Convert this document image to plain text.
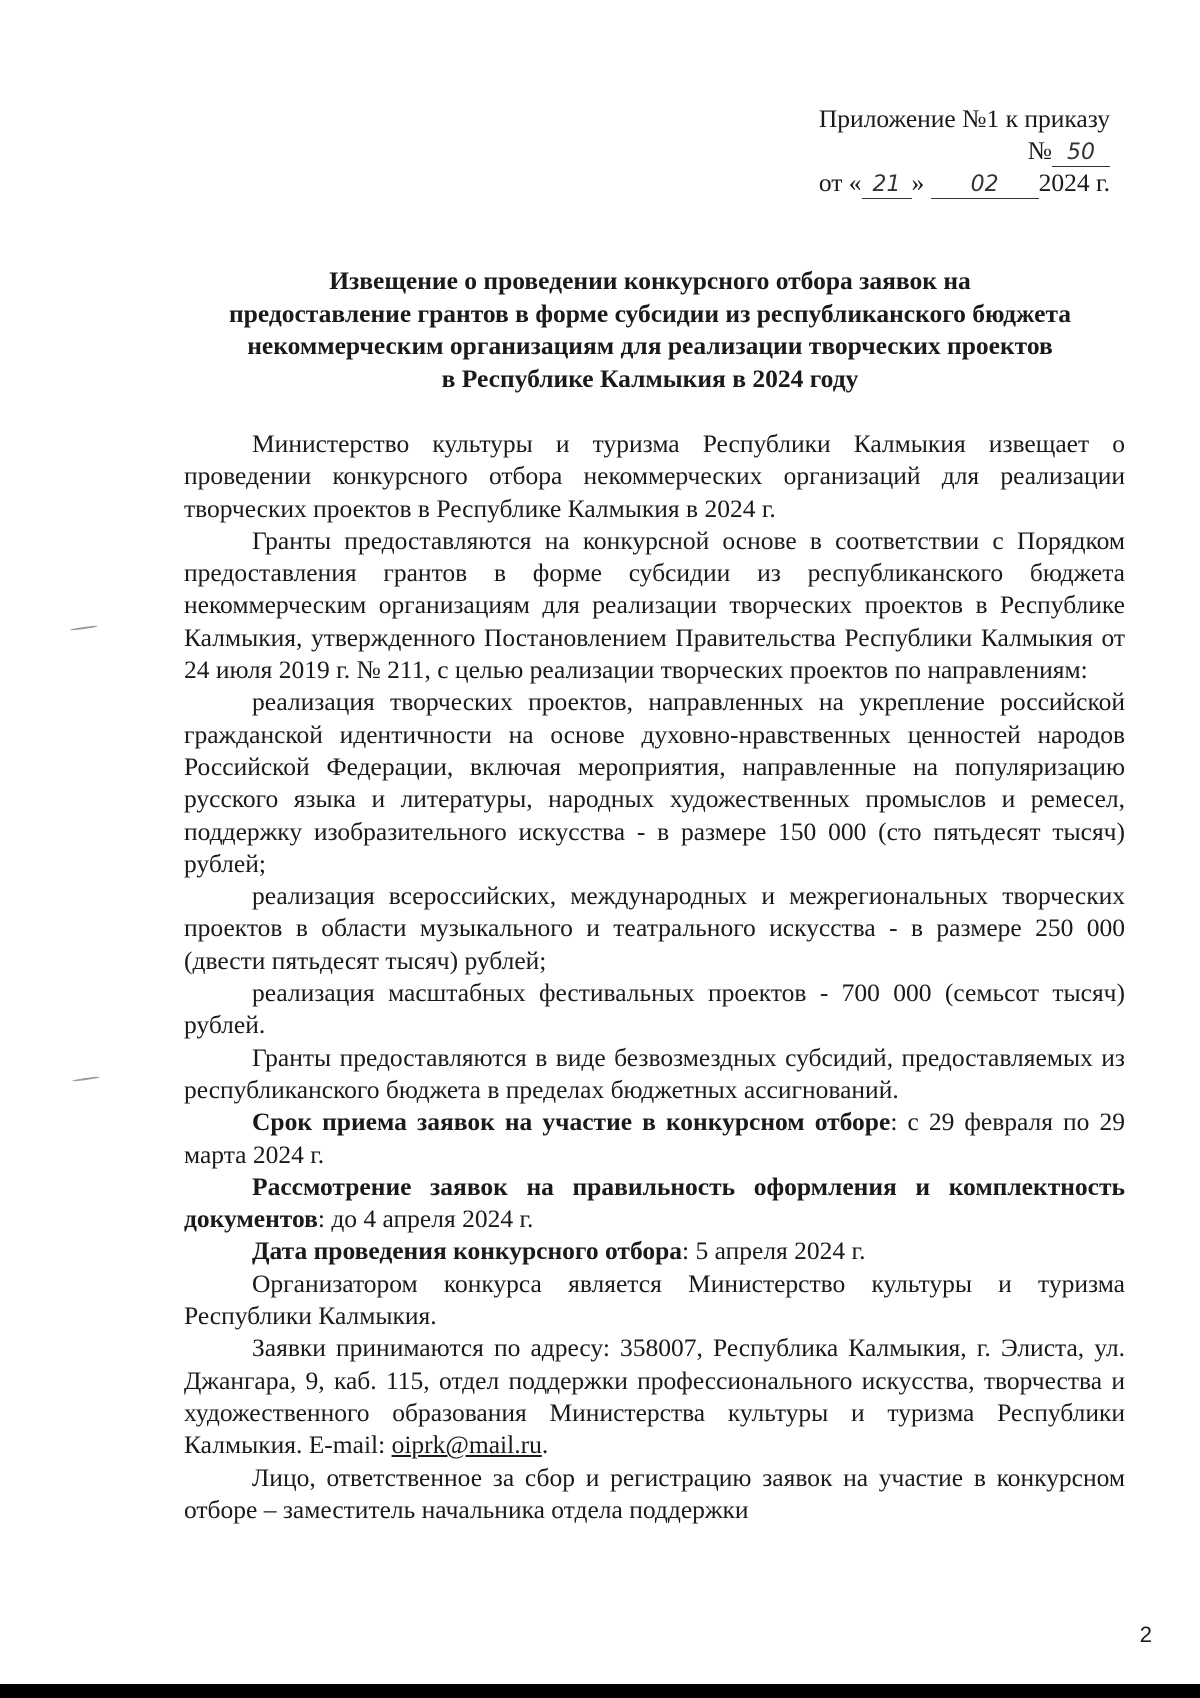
Приложение №1 к приказу
№ 50
от « 21 » 02 2024 г.
Извещение о проведении конкурсного отбора заявок на
предоставление грантов в форме субсидии из республиканского бюджета
некоммерческим организациям для реализации творческих проектов
в Республике Калмыкия в 2024 году

Министерство культуры и туризма Республики Калмыкия извещает о проведении конкурсного отбора некоммерческих организаций для реализации творческих проектов в Республике Калмыкия в 2024 г.

Гранты предоставляются на конкурсной основе в соответствии с Порядком предоставления грантов в форме субсидии из республиканского бюджета некоммерческим организациям для реализации творческих проектов в Республике Калмыкия, утвержденного Постановлением Правительства Республики Калмыкия от 24 июля 2019 г. № 211, с целью реализации творческих проектов по направлениям:

реализация творческих проектов, направленных на укрепление российской гражданской идентичности на основе духовно-нравственных ценностей народов Российской Федерации, включая мероприятия, направленные на популяризацию русского языка и литературы, народных художественных промыслов и ремесел, поддержку изобразительного искусства - в размере 150 000 (сто пятьдесят тысяч) рублей;

реализация всероссийских, международных и межрегиональных творческих проектов в области музыкального и театрального искусства - в размере 250 000 (двести пятьдесят тысяч) рублей;

реализация масштабных фестивальных проектов - 700 000 (семьсот тысяч) рублей.

Гранты предоставляются в виде безвозмездных субсидий, предоставляемых из республиканского бюджета в пределах бюджетных ассигнований.

Срок приема заявок на участие в конкурсном отборе: с 29 февраля по 29 марта 2024 г.

Рассмотрение заявок на правильность оформления и комплектность документов: до 4 апреля 2024 г.

Дата проведения конкурсного отбора: 5 апреля 2024 г.

Организатором конкурса является Министерство культуры и туризма Республики Калмыкия.

Заявки принимаются по адресу: 358007, Республика Калмыкия, г. Элиста, ул. Джангара, 9, каб. 115, отдел поддержки профессионального искусства, творчества и художественного образования Министерства культуры и туризма Республики Калмыкия. E-mail: oiprk@mail.ru.

Лицо, ответственное за сбор и регистрацию заявок на участие в конкурсном отборе – заместитель начальника отдела поддержки

2
